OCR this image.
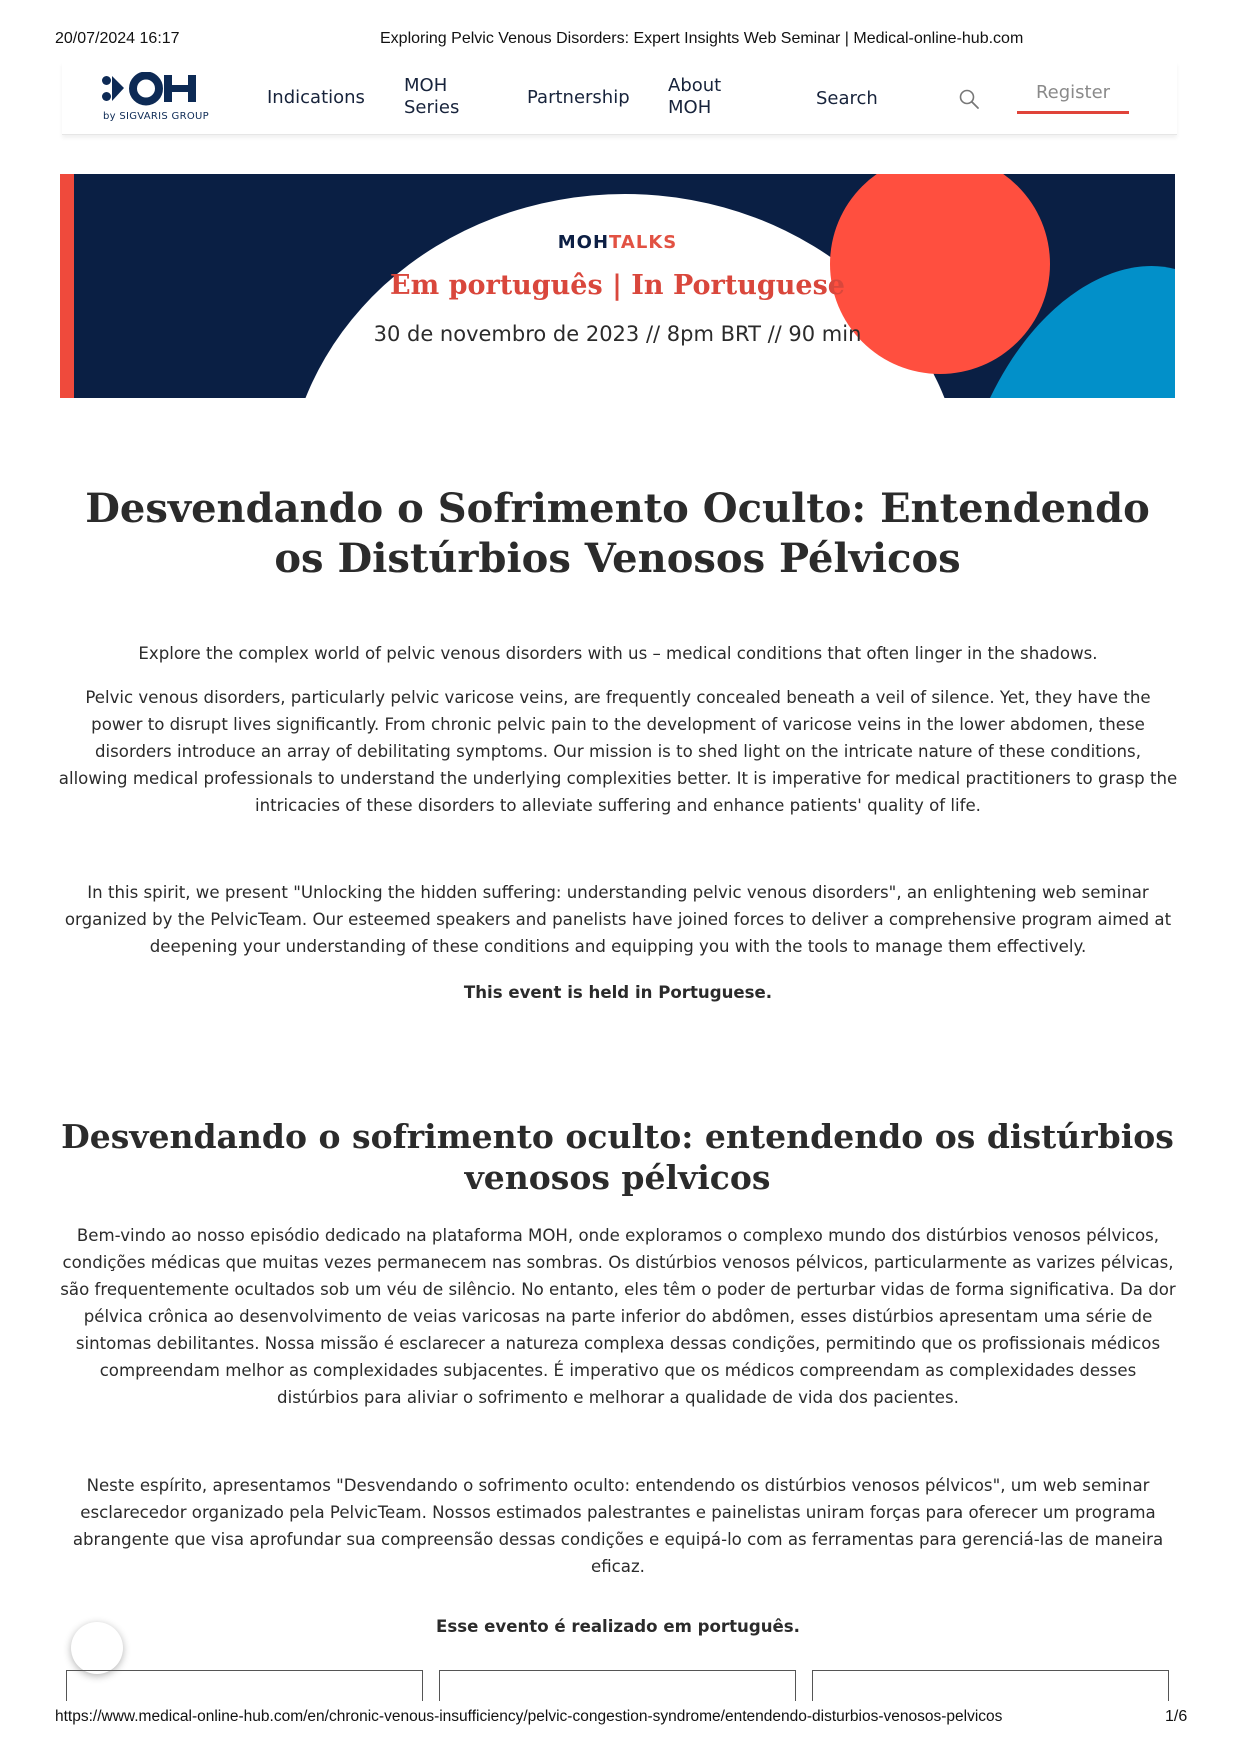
20/07/2024 16:17	Exploring Pelvic Venous Disorders: Expert Insights Web Seminar | Medical-online-hub.com
by SIGVARIS GROUP
Indications
MOH Series	Partnership
About MOH	Search	Register
MOHTALKS
Em português | In Portuguese
30 de novembro de 2023 // 8pm BRT // 90 min
Desvendando o Sofrimento Oculto: Entendendo os Distúrbios Venosos Pélvicos

Explore the complex world of pelvic venous disorders with us – medical conditions that often linger in the shadows.

Pelvic venous disorders, particularly pelvic varicose veins, are frequently concealed beneath a veil of silence. Yet, they have the power to disrupt lives significantly. From chronic pelvic pain to the development of varicose veins in the lower abdomen, these disorders introduce an array of debilitating symptoms. Our mission is to shed light on the intricate nature of these conditions, allowing medical professionals to understand the underlying complexities better. It is imperative for medical practitioners to grasp the intricacies of these disorders to alleviate suffering and enhance patients' quality of life.

In this spirit, we present "Unlocking the hidden suffering: understanding pelvic venous disorders", an enlightening web seminar organized by the PelvicTeam. Our esteemed speakers and panelists have joined forces to deliver a comprehensive program aimed at deepening your understanding of these conditions and equipping you with the tools to manage them effectively.

This event is held in Portuguese.

Desvendando o sofrimento oculto: entendendo os distúrbios venosos pélvicos

Bem-vindo ao nosso episódio dedicado na plataforma MOH, onde exploramos o complexo mundo dos distúrbios venosos pélvicos, condições médicas que muitas vezes permanecem nas sombras. Os distúrbios venosos pélvicos, particularmente as varizes pélvicas, são frequentemente ocultados sob um véu de silêncio. No entanto, eles têm o poder de perturbar vidas de forma significativa. Da dor pélvica crônica ao desenvolvimento de veias varicosas na parte inferior do abdômen, esses distúrbios apresentam uma série de sintomas debilitantes. Nossa missão é esclarecer a natureza complexa dessas condições, permitindo que os profissionais médicos compreendam melhor as complexidades subjacentes. É imperativo que os médicos compreendam as complexidades desses distúrbios para aliviar o sofrimento e melhorar a qualidade de vida dos pacientes.

Neste espírito, apresentamos "Desvendando o sofrimento oculto: entendendo os distúrbios venosos pélvicos", um web seminar esclarecedor organizado pela PelvicTeam. Nossos estimados palestrantes e painelistas uniram forças para oferecer um programa abrangente que visa aprofundar sua compreensão dessas condições e equipá-lo com as ferramentas para gerenciá-las de maneira eficaz.

Esse evento é realizado em português.

https://www.medical-online-hub.com/en/chronic-venous-insufficiency/pelvic-congestion-syndrome/entendendo-disturbios-venosos-pelvicos	1/6
